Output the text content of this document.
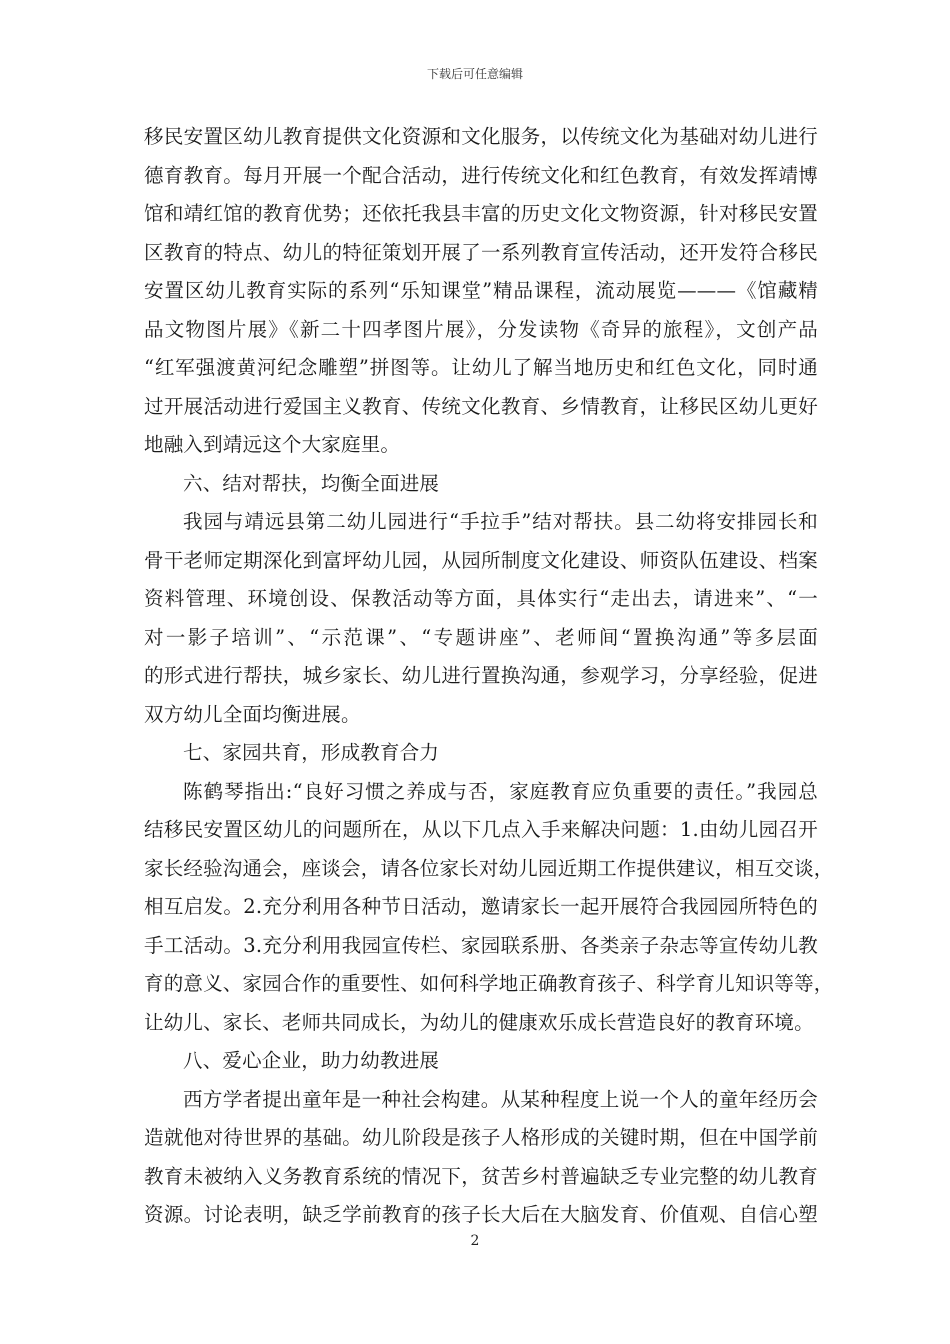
下载后可任意编辑
移民安置区幼儿教育提供文化资源和文化服务，以传统文化为基础对幼儿进行
德育教育。每月开展一个配合活动，进行传统文化和红色教育，有效发挥靖博
馆和靖红馆的教育优势；还依托我县丰富的历史文化文物资源，针对移民安置
区教育的特点、幼儿的特征策划开展了一系列教育宣传活动，还开发符合移民
安置区幼儿教育实际的系列“乐知课堂”精品课程，流动展览———《馆藏精
品文物图片展》《新二十四孝图片展》，分发读物《奇异的旅程》，文创产品
“红军强渡黄河纪念雕塑”拼图等。让幼儿了解当地历史和红色文化，同时通
过开展活动进行爱国主义教育、传统文化教育、乡情教育，让移民区幼儿更好
地融入到靖远这个大家庭里。
六、结对帮扶，均衡全面进展
我园与靖远县第二幼儿园进行“手拉手”结对帮扶。县二幼将安排园长和
骨干老师定期深化到富坪幼儿园，从园所制度文化建设、师资队伍建设、档案
资料管理、环境创设、保教活动等方面，具体实行“走出去，请进来”、“一
对一影子培训”、“示范课”、“专题讲座”、老师间“置换沟通”等多层面
的形式进行帮扶，城乡家长、幼儿进行置换沟通，参观学习，分享经验，促进
双方幼儿全面均衡进展。
七、家园共育，形成教育合力
陈鹤琴指出:“良好习惯之养成与否，家庭教育应负重要的责任。”我园总
结移民安置区幼儿的问题所在，从以下几点入手来解决问题：1.由幼儿园召开
家长经验沟通会，座谈会，请各位家长对幼儿园近期工作提供建议，相互交谈，
相互启发。2.充分利用各种节日活动，邀请家长一起开展符合我园园所特色的
手工活动。3.充分利用我园宣传栏、家园联系册、各类亲子杂志等宣传幼儿教
育的意义、家园合作的重要性、如何科学地正确教育孩子、科学育儿知识等等，
让幼儿、家长、老师共同成长，为幼儿的健康欢乐成长营造良好的教育环境。
八、爱心企业，助力幼教进展
西方学者提出童年是一种社会构建。从某种程度上说一个人的童年经历会
造就他对待世界的基础。幼儿阶段是孩子人格形成的关键时期，但在中国学前
教育未被纳入义务教育系统的情况下，贫苦乡村普遍缺乏专业完整的幼儿教育
资源。讨论表明，缺乏学前教育的孩子长大后在大脑发育、价值观、自信心塑
2
